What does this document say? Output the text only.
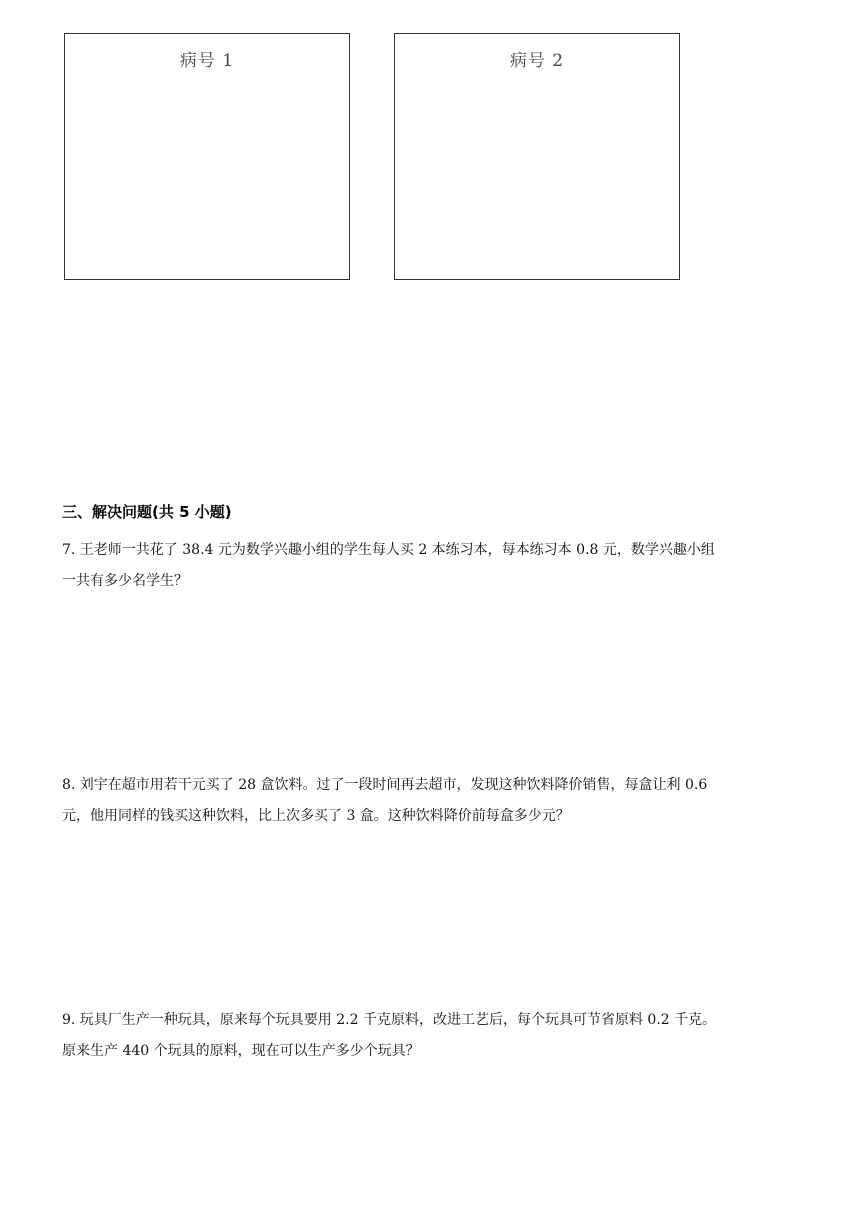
病号 1	病号 2
三、解决问题(共 5 小题)
7. 王老师一共花了 38.4 元为数学兴趣小组的学生每人买 2 本练习本，每本练习本 0.8 元，数学兴趣小组
一共有多少名学生？
8. 刘宇在超市用若干元买了 28 盒饮料。过了一段时间再去超市，发现这种饮料降价销售，每盒让利 0.6
元，他用同样的钱买这种饮料，比上次多买了 3 盒。这种饮料降价前每盒多少元？
9. 玩具厂生产一种玩具，原来每个玩具要用 2.2 千克原料，改进工艺后，每个玩具可节省原料 0.2 千克。
原来生产 440 个玩具的原料，现在可以生产多少个玩具？
